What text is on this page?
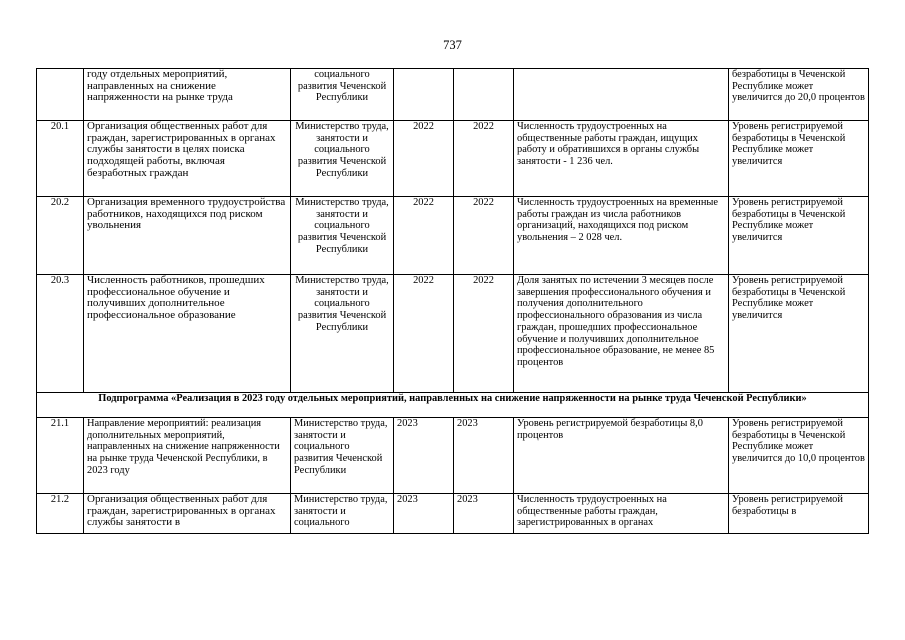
737
	году отдельных мероприятий, направленных на снижение напряженности на рынке труда	социального развития Чеченской Республики				безработицы в Чеченской Республике может увеличится до 20,0 процентов
20.1	Организация общественных работ для граждан, зарегистрированных в органах службы занятости в целях поиска подходящей работы, включая безработных граждан	Министерство труда, занятости и социального развития Чеченской Республики	2022	2022	Численность трудоустроенных на общественные работы граждан, ищущих работу и обратившихся в органы службы занятости - 1 236 чел.	Уровень регистрируемой безработицы в Чеченской Республике может увеличится
20.2	Организация временного трудоустройства работников, находящихся под риском увольнения	Министерство труда, занятости и социального развития Чеченской Республики	2022	2022	Численность трудоустроенных на временные работы граждан из числа работников организаций, находящихся под риском увольнения – 2 028 чел.	Уровень регистрируемой безработицы в Чеченской Республике может увеличится
20.3	Численность работников, прошедших профессиональное обучение и получивших дополнительное профессиональное образование	Министерство труда, занятости и социального развития Чеченской Республики	2022	2022	Доля занятых по истечении 3 месяцев после завершения профессионального обучения и получения дополнительного профессионального образования из числа граждан, прошедших профессиональное обучение и получивших дополнительное профессиональное образование, не менее 85 процентов	Уровень регистрируемой безработицы в Чеченской Республике может увеличится
Подпрограмма «Реализация в 2023 году отдельных мероприятий, направленных на снижение напряженности на рынке труда Чеченской Республики»						
21.1	Направление мероприятий: реализация дополнительных мероприятий, направленных на снижение напряженности на рынке труда Чеченской Республики, в 2023 году	Министерство труда, занятости и социального развития Чеченской Республики	2023	2023	Уровень регистрируемой безработицы 8,0 процентов	Уровень регистрируемой безработицы в Чеченской Республике может увеличится до 10,0 процентов
21.2	Организация общественных работ для граждан, зарегистрированных в органах службы занятости в	Министерство труда, занятости и социального	2023	2023	Численность трудоустроенных на общественные работы граждан, зарегистрированных в органах	Уровень регистрируемой безработицы в
